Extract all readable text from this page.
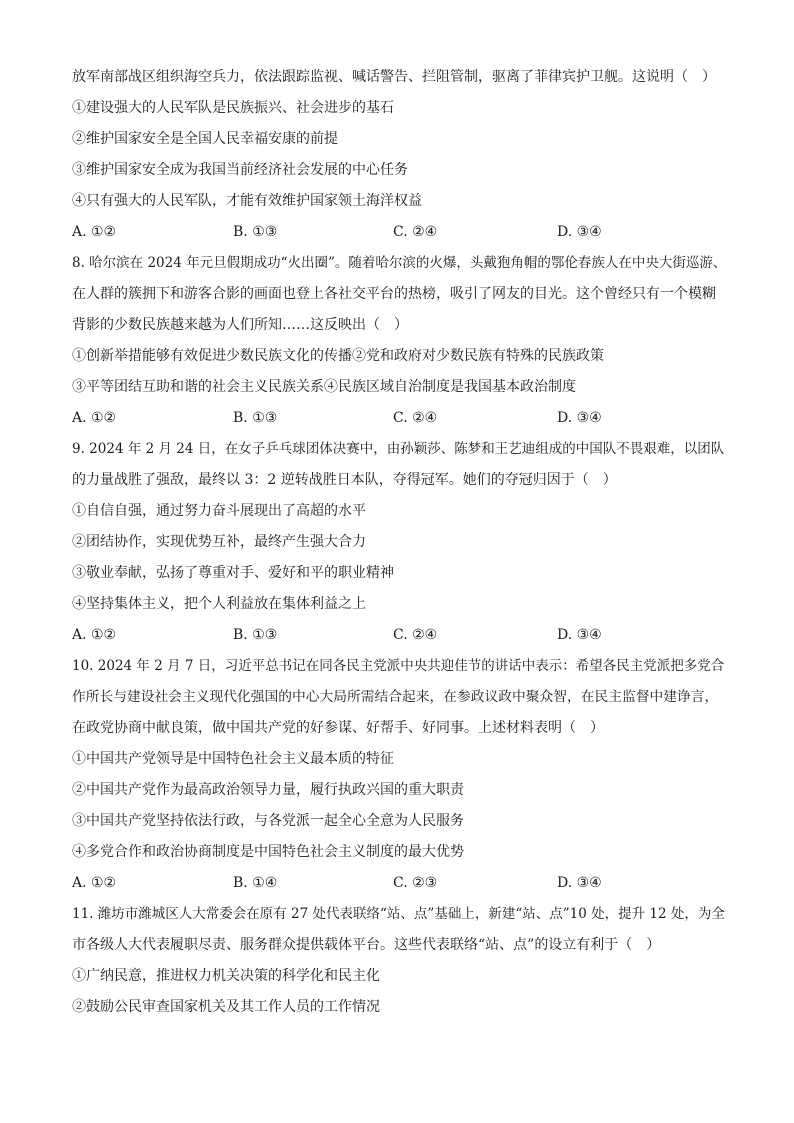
放军南部战区组织海空兵力，依法跟踪监视、喊话警告、拦阻管制，驱离了菲律宾护卫舰。这说明（　）
①建设强大的人民军队是民族振兴、社会进步的基石
②维护国家安全是全国人民幸福安康的前提
③维护国家安全成为我国当前经济社会发展的中心任务
④只有强大的人民军队，才能有效维护国家领土海洋权益
A. ①②	B. ①③	C. ②④	D. ③④
8. 哈尔滨在 2024 年元旦假期成功“火出圈”。随着哈尔滨的火爆，头戴狍角帽的鄂伦春族人在中央大街巡游、
在人群的簇拥下和游客合影的画面也登上各社交平台的热榜，吸引了网友的目光。这个曾经只有一个模糊
背影的少数民族越来越为人们所知……这反映出（　）
①创新举措能够有效促进少数民族文化的传播②党和政府对少数民族有特殊的民族政策
③平等团结互助和谐的社会主义民族关系④民族区域自治制度是我国基本政治制度
A. ①②	B. ①③	C. ②④	D. ③④
9. 2024 年 2 月 24 日，在女子乒乓球团体决赛中，由孙颖莎、陈梦和王艺迪组成的中国队不畏艰难，以团队
的力量战胜了强敌，最终以 3：2 逆转战胜日本队，夺得冠军。她们的夺冠归因于（　）
①自信自强，通过努力奋斗展现出了高超的水平
②团结协作，实现优势互补，最终产生强大合力
③敬业奉献，弘扬了尊重对手、爱好和平的职业精神
④坚持集体主义，把个人利益放在集体利益之上
A. ①②	B. ①③	C. ②④	D. ③④
10. 2024 年 2 月 7 日，习近平总书记在同各民主党派中央共迎佳节的讲话中表示：希望各民主党派把多党合
作所长与建设社会主义现代化强国的中心大局所需结合起来，在参政议政中聚众智，在民主监督中建诤言，
在政党协商中献良策，做中国共产党的好参谋、好帮手、好同事。上述材料表明（　）
①中国共产党领导是中国特色社会主义最本质的特征
②中国共产党作为最高政治领导力量，履行执政兴国的重大职责
③中国共产党坚持依法行政，与各党派一起全心全意为人民服务
④多党合作和政治协商制度是中国特色社会主义制度的最大优势
A. ①②	B. ①④	C. ②③	D. ③④
11. 潍坊市潍城区人大常委会在原有 27 处代表联络“站、点”基础上，新建“站、点”10 处，提升 12 处，为全
市各级人大代表履职尽责、服务群众提供载体平台。这些代表联络“站、点”的设立有利于（　）
①广纳民意，推进权力机关决策的科学化和民主化
②鼓励公民审查国家机关及其工作人员的工作情况
